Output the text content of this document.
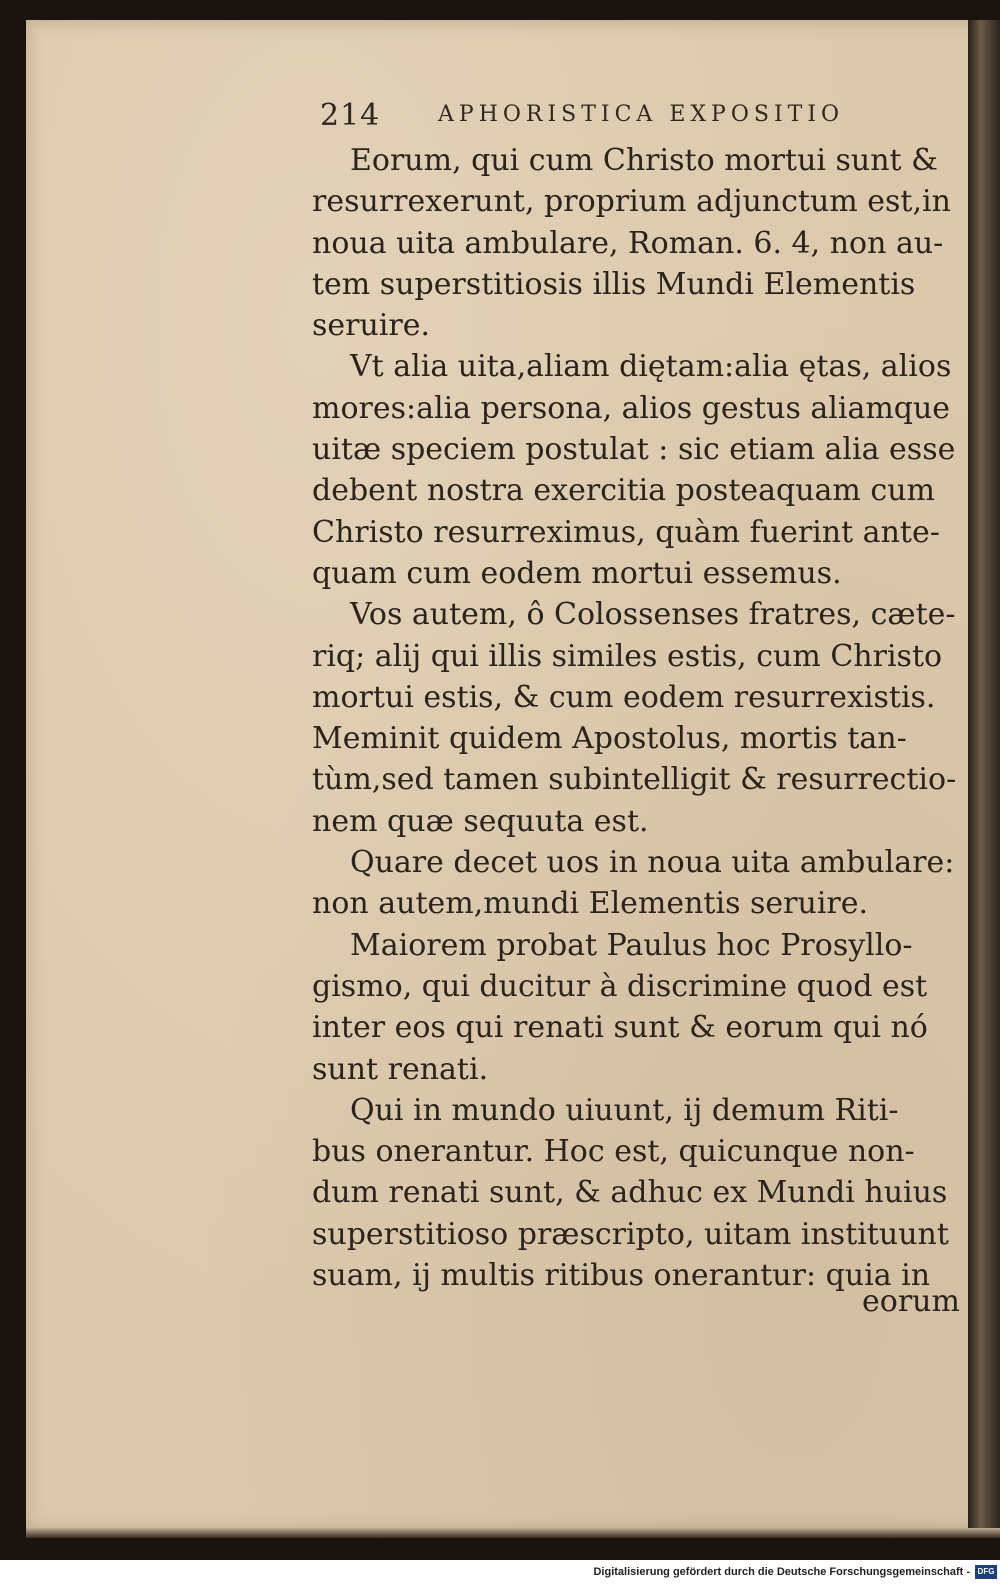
214	APHORISTICA EXPOSITIO
Eorum, qui cum Christo mortui sunt &
resurrexerunt, proprium adjunctum est,in
noua uita ambulare, Roman. 6. 4, non au-
tem superstitiosis illis Mundi Elementis
seruire.
Vt alia uita,aliam diętam:alia ętas, alios
mores:alia persona, alios gestus aliamque
uitæ speciem postulat : sic etiam alia esse
debent nostra exercitia posteaquam cum
Christo resurreximus, quàm fuerint ante-
quam cum eodem mortui essemus.
Vos autem, ô Colossenses fratres, cæte-
riq; alij qui illis similes estis, cum Christo
mortui estis, & cum eodem resurrexistis.
Meminit quidem Apostolus, mortis tan-
tùm,sed tamen subintelligit & resurrectio-
nem quæ sequuta est.
Quare decet uos in noua uita ambulare:
non autem,mundi Elementis seruire.
Maiorem probat Paulus hoc Prosyllo-
gismo, qui ducitur à discrimine quod est
inter eos qui renati sunt & eorum qui nó
sunt renati.
Qui in mundo uiuunt, ij demum Riti-
bus onerantur. Hoc est, quicunque non-
dum renati sunt, & adhuc ex Mundi huius
superstitioso præscripto, uitam instituunt
suam, ij multis ritibus onerantur: quia in
eorum
Digitalisierung gefördert durch die Deutsche Forschungsgemeinschaft - DFG
